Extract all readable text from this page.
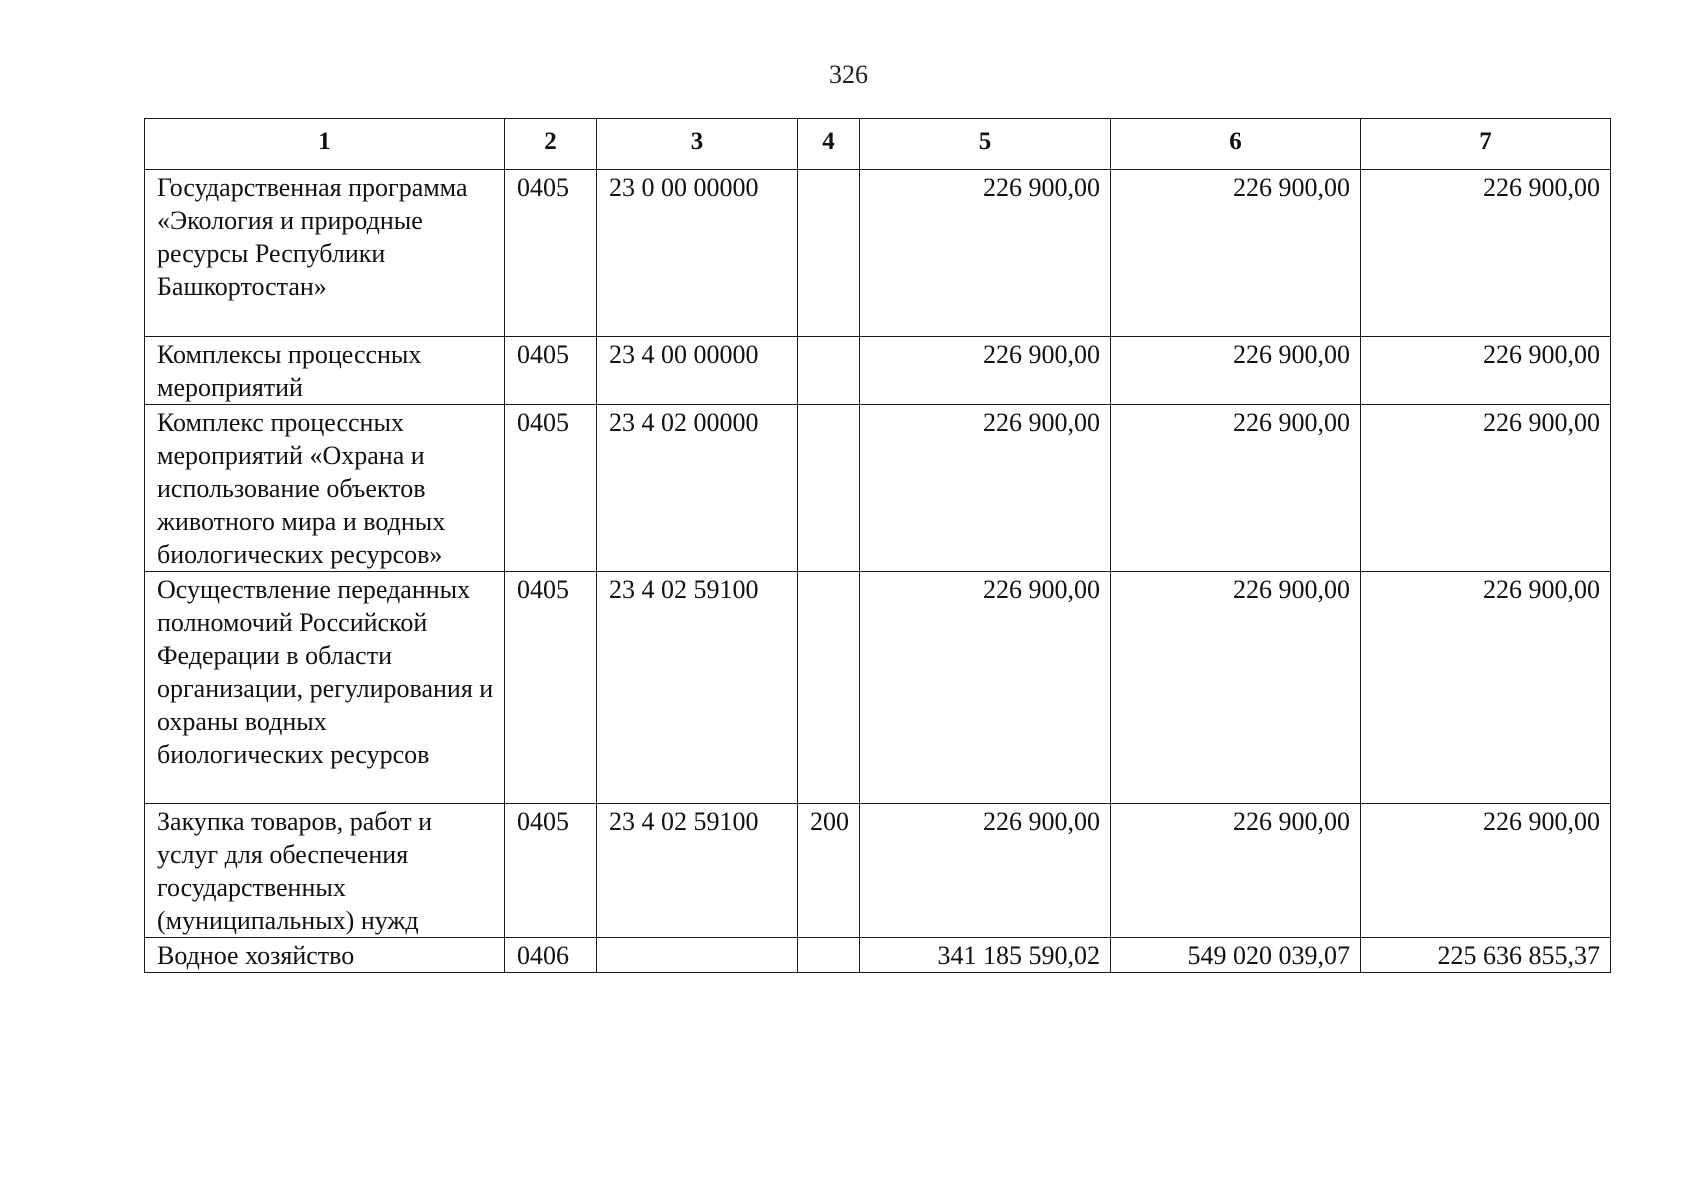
326
1	2	3	4	5	6	7
Государственная программа «Экология и природные ресурсы Республики Башкортостан»	0405	23 0 00 00000		226 900,00	226 900,00	226 900,00
Комплексы процессных мероприятий	0405	23 4 00 00000		226 900,00	226 900,00	226 900,00
Комплекс процессных мероприятий «Охрана и использование объектов животного мира и водных биологических ресурсов»	0405	23 4 02 00000		226 900,00	226 900,00	226 900,00
Осуществление переданных полномочий Российской Федерации в области организации, регулирования и охраны водных биологических ресурсов	0405	23 4 02 59100		226 900,00	226 900,00	226 900,00
Закупка товаров, работ и услуг для обеспечения государственных (муниципальных) нужд	0405	23 4 02 59100	200	226 900,00	226 900,00	226 900,00
Водное хозяйство	0406			341 185 590,02	549 020 039,07	225 636 855,37
